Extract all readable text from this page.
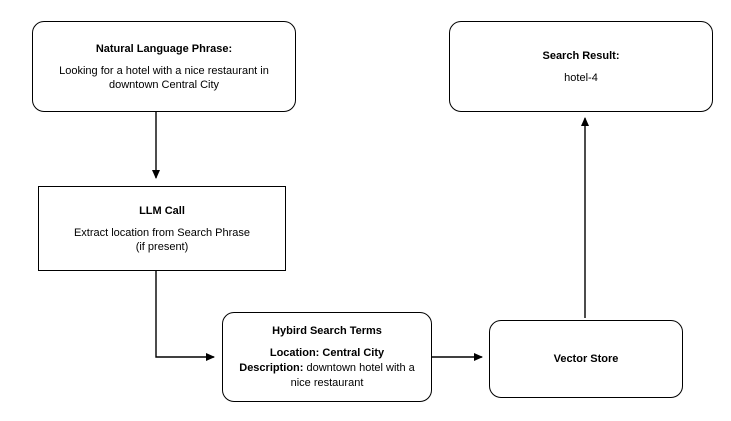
Natural Language Phrase:
Looking for a hotel with a nice restaurant in
downtown Central City
LLM Call
Extract location from Search Phrase
(if present)
Hybird Search Terms
Location: Central City
Description: downtown hotel with a
nice restaurant
Vector Store
Search Result:
hotel-4
